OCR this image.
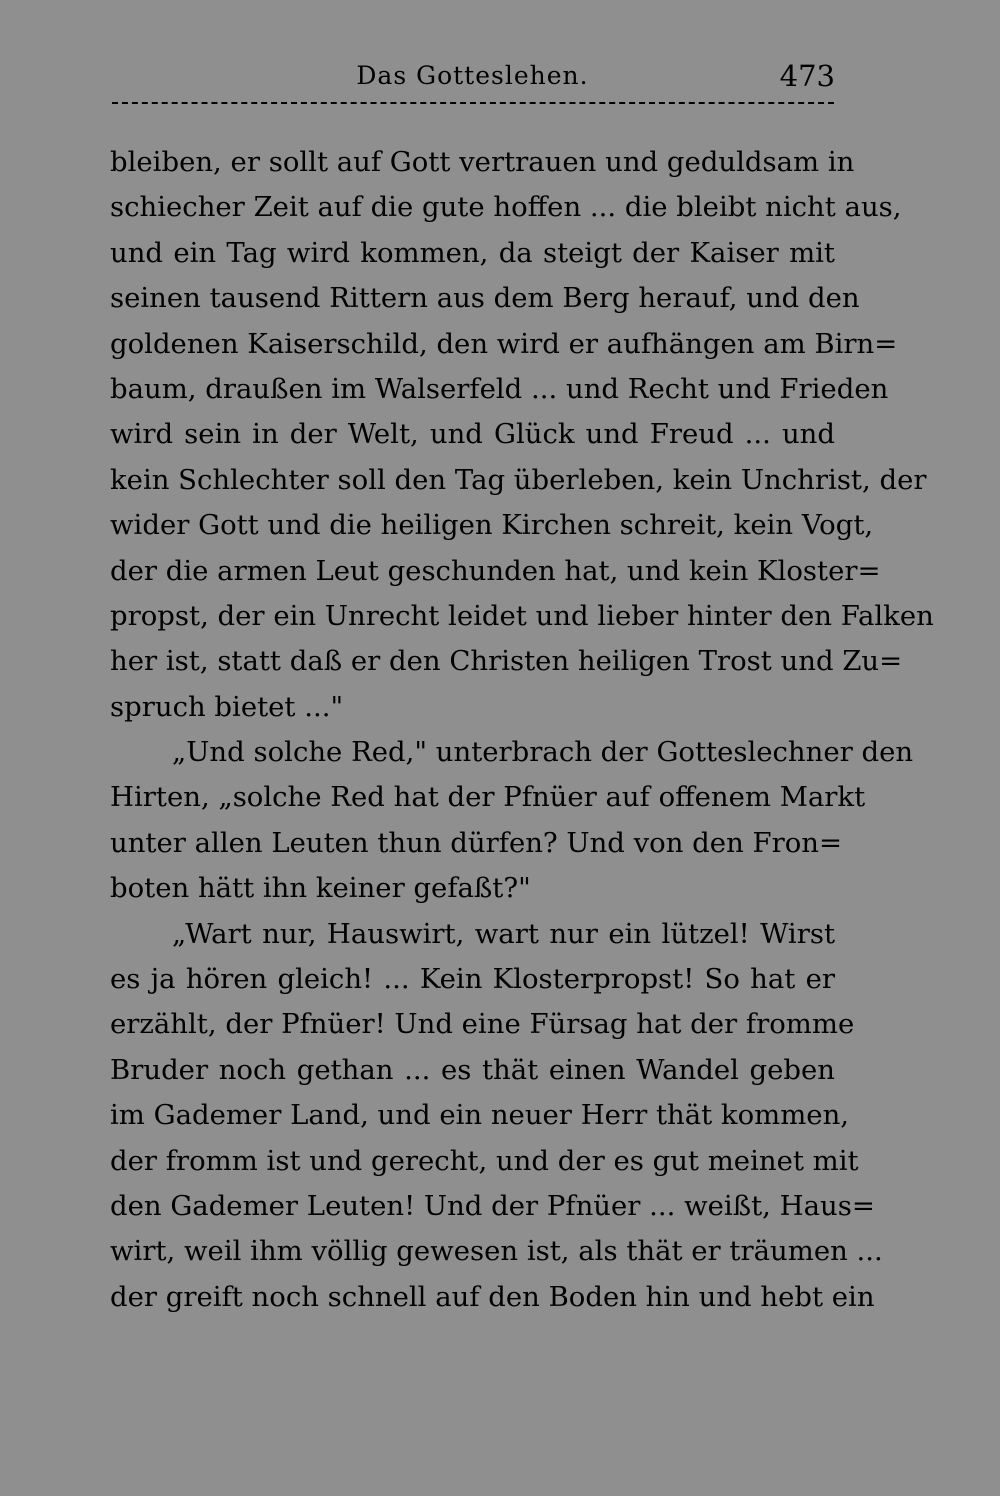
Das Gotteslehen.	473
bleiben, er sollt auf Gott vertrauen und geduldsam in
schiecher Zeit auf die gute hoffen ... die bleibt nicht aus,
und ein Tag wird kommen, da steigt der Kaiser mit
seinen tausend Rittern aus dem Berg herauf, und den
goldenen Kaiserschild, den wird er aufhängen am Birn=
baum, draußen im Walserfeld ... und Recht und Frieden
wird sein in der Welt, und Glück und Freud ... und
kein Schlechter soll den Tag überleben, kein Unchrist, der
wider Gott und die heiligen Kirchen schreit, kein Vogt,
der die armen Leut geschunden hat, und kein Kloster=
propst, der ein Unrecht leidet und lieber hinter den Falken
her ist, statt daß er den Christen heiligen Trost und Zu=
spruch bietet ..."
„Und solche Red," unterbrach der Gotteslechner den
Hirten, „solche Red hat der Pfnüer auf offenem Markt
unter allen Leuten thun dürfen? Und von den Fron=
boten hätt ihn keiner gefaßt?"
„Wart nur, Hauswirt, wart nur ein lützel! Wirst
es ja hören gleich! ... Kein Klosterpropst! So hat er
erzählt, der Pfnüer! Und eine Fürsag hat der fromme
Bruder noch gethan ... es thät einen Wandel geben
im Gademer Land, und ein neuer Herr thät kommen,
der fromm ist und gerecht, und der es gut meinet mit
den Gademer Leuten! Und der Pfnüer ... weißt, Haus=
wirt, weil ihm völlig gewesen ist, als thät er träumen ...
der greift noch schnell auf den Boden hin und hebt ein
